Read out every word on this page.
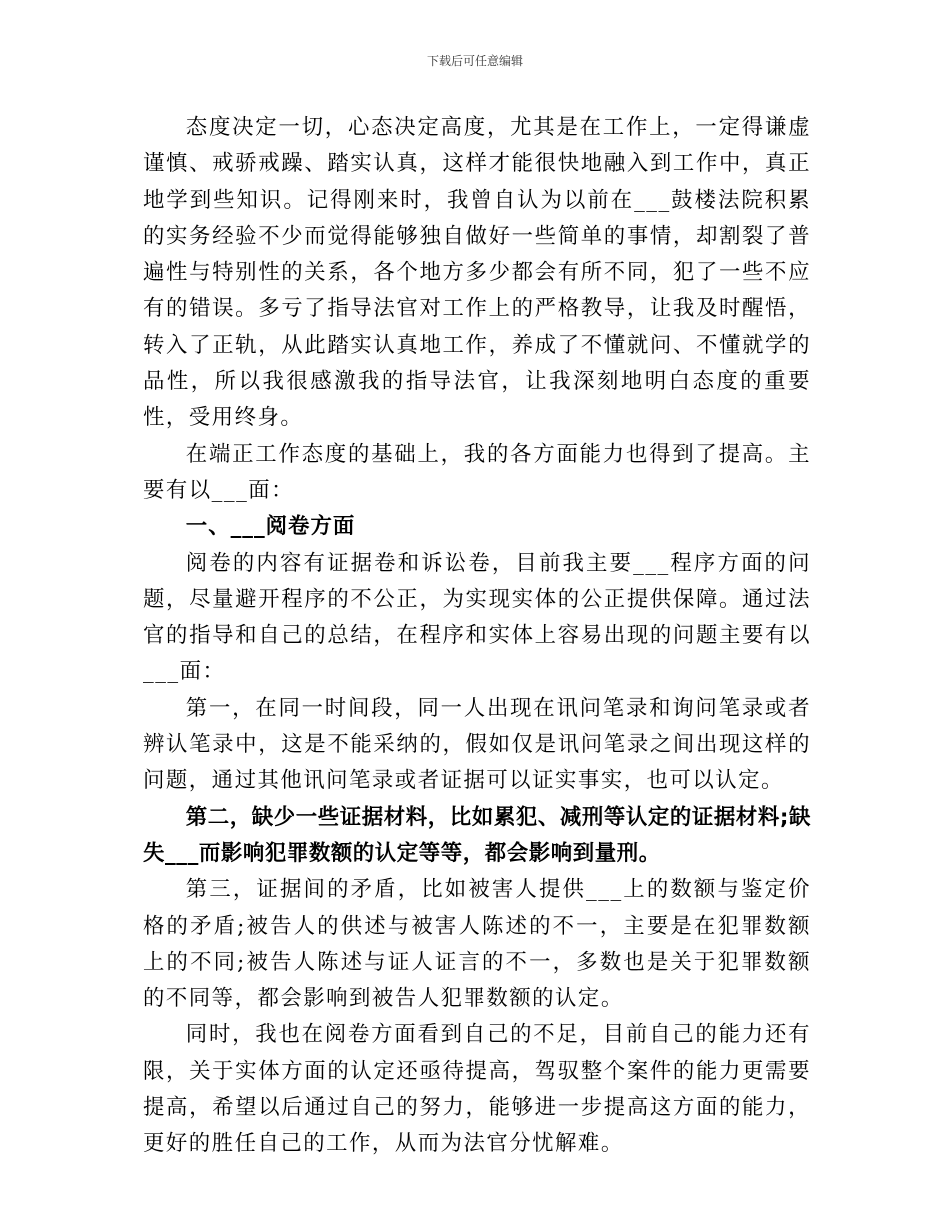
下载后可任意编辑

态度决定一切，心态决定高度，尤其是在工作上，一定得谦虚谨慎、戒骄戒躁、踏实认真，这样才能很快地融入到工作中，真正地学到些知识。记得刚来时，我曾自认为以前在___鼓楼法院积累的实务经验不少而觉得能够独自做好一些简单的事情，却割裂了普遍性与特别性的关系，各个地方多少都会有所不同，犯了一些不应有的错误。多亏了指导法官对工作上的严格教导，让我及时醒悟，转入了正轨，从此踏实认真地工作，养成了不懂就问、不懂就学的品性，所以我很感激我的指导法官，让我深刻地明白态度的重要性，受用终身。

在端正工作态度的基础上，我的各方面能力也得到了提高。主要有以___面：

一、___阅卷方面

阅卷的内容有证据卷和诉讼卷，目前我主要___程序方面的问题，尽量避开程序的不公正，为实现实体的公正提供保障。通过法官的指导和自己的总结，在程序和实体上容易出现的问题主要有以___面：

第一，在同一时间段，同一人出现在讯问笔录和询问笔录或者辨认笔录中，这是不能采纳的，假如仅是讯问笔录之间出现这样的问题，通过其他讯问笔录或者证据可以证实事实，也可以认定。

第二，缺少一些证据材料，比如累犯、减刑等认定的证据材料;缺失___而影响犯罪数额的认定等等，都会影响到量刑。

第三，证据间的矛盾，比如被害人提供___上的数额与鉴定价格的矛盾;被告人的供述与被害人陈述的不一，主要是在犯罪数额上的不同;被告人陈述与证人证言的不一，多数也是关于犯罪数额的不同等，都会影响到被告人犯罪数额的认定。

同时，我也在阅卷方面看到自己的不足，目前自己的能力还有限，关于实体方面的认定还亟待提高，驾驭整个案件的能力更需要提高，希望以后通过自己的努力，能够进一步提高这方面的能力，更好的胜任自己的工作，从而为法官分忧解难。
